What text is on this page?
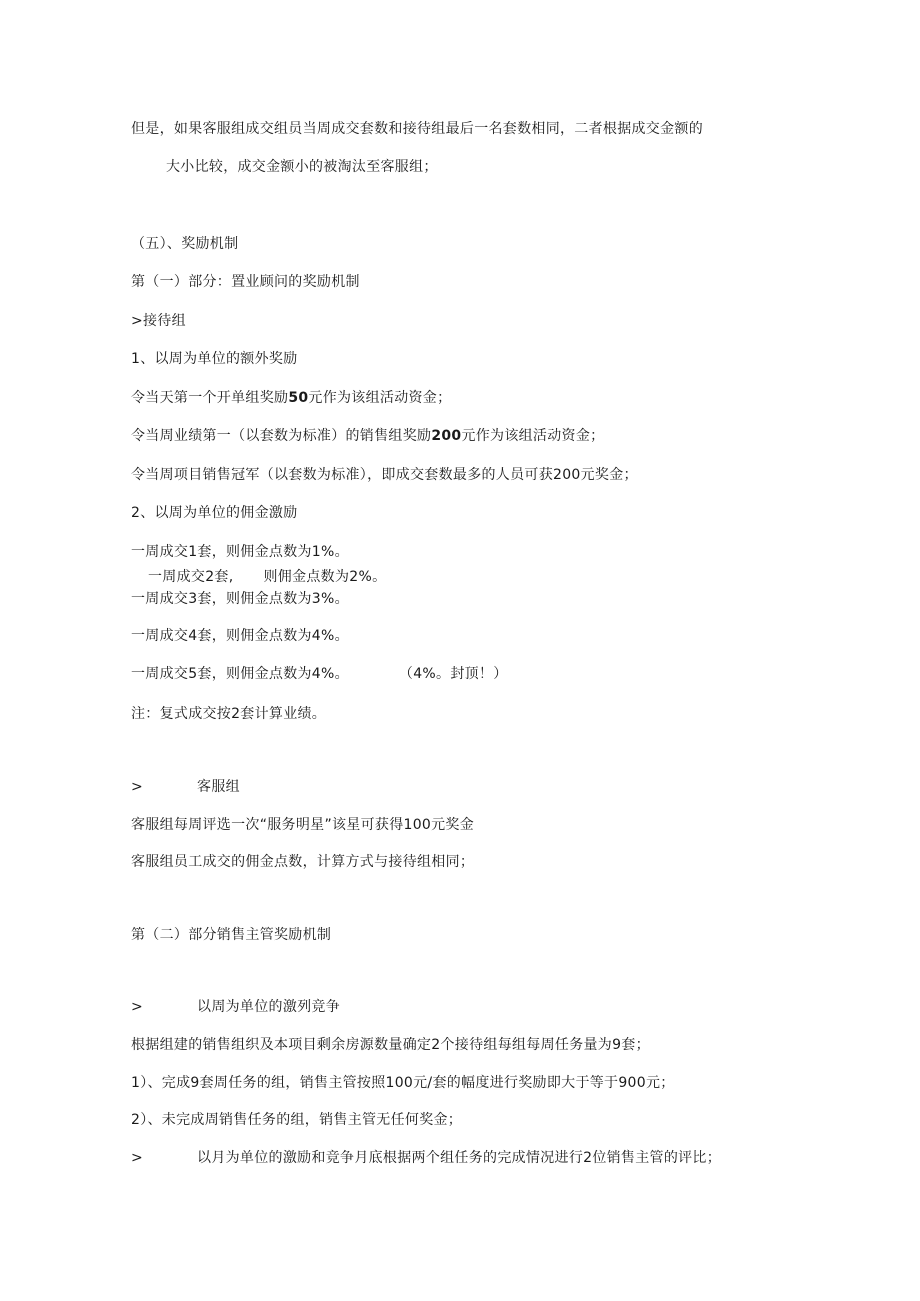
但是，如果客服组成交组员当周成交套数和接待组最后一名套数相同，二者根据成交金额的
大小比较，成交金额小的被淘汰至客服组；
（五）、奖励机制
第（一）部分：置业顾问的奖励机制
>接待组
1、以周为单位的额外奖励
令当天第一个开单组奖励50元作为该组活动资金；
令当周业绩第一（以套数为标准）的销售组奖励200元作为该组活动资金；
令当周项目销售冠军（以套数为标准），即成交套数最多的人员可获200元奖金；
2、以周为单位的佣金激励
一周成交1套，则佣金点数为1%。
一周成交2套, 则佣金点数为2%。
一周成交3套，则佣金点数为3%。
一周成交4套，则佣金点数为4%。
一周成交5套，则佣金点数为4%。	（4%。封顶！）
注：复式成交按2套计算业绩。
>	客服组
客服组每周评选一次“服务明星”该星可获得100元奖金
客服组员工成交的佣金点数，计算方式与接待组相同；
第（二）部分销售主管奖励机制
>	以周为单位的激列竞争
根据组建的销售组织及本项目剩余房源数量确定2个接待组每组每周任务量为9套；
1）、完成9套周任务的组，销售主管按照100元/套的幅度进行奖励即大于等于900元；
2）、未完成周销售任务的组，销售主管无任何奖金；
>	以月为单位的激励和竞争月底根据两个组任务的完成情况进行2位销售主管的评比；
